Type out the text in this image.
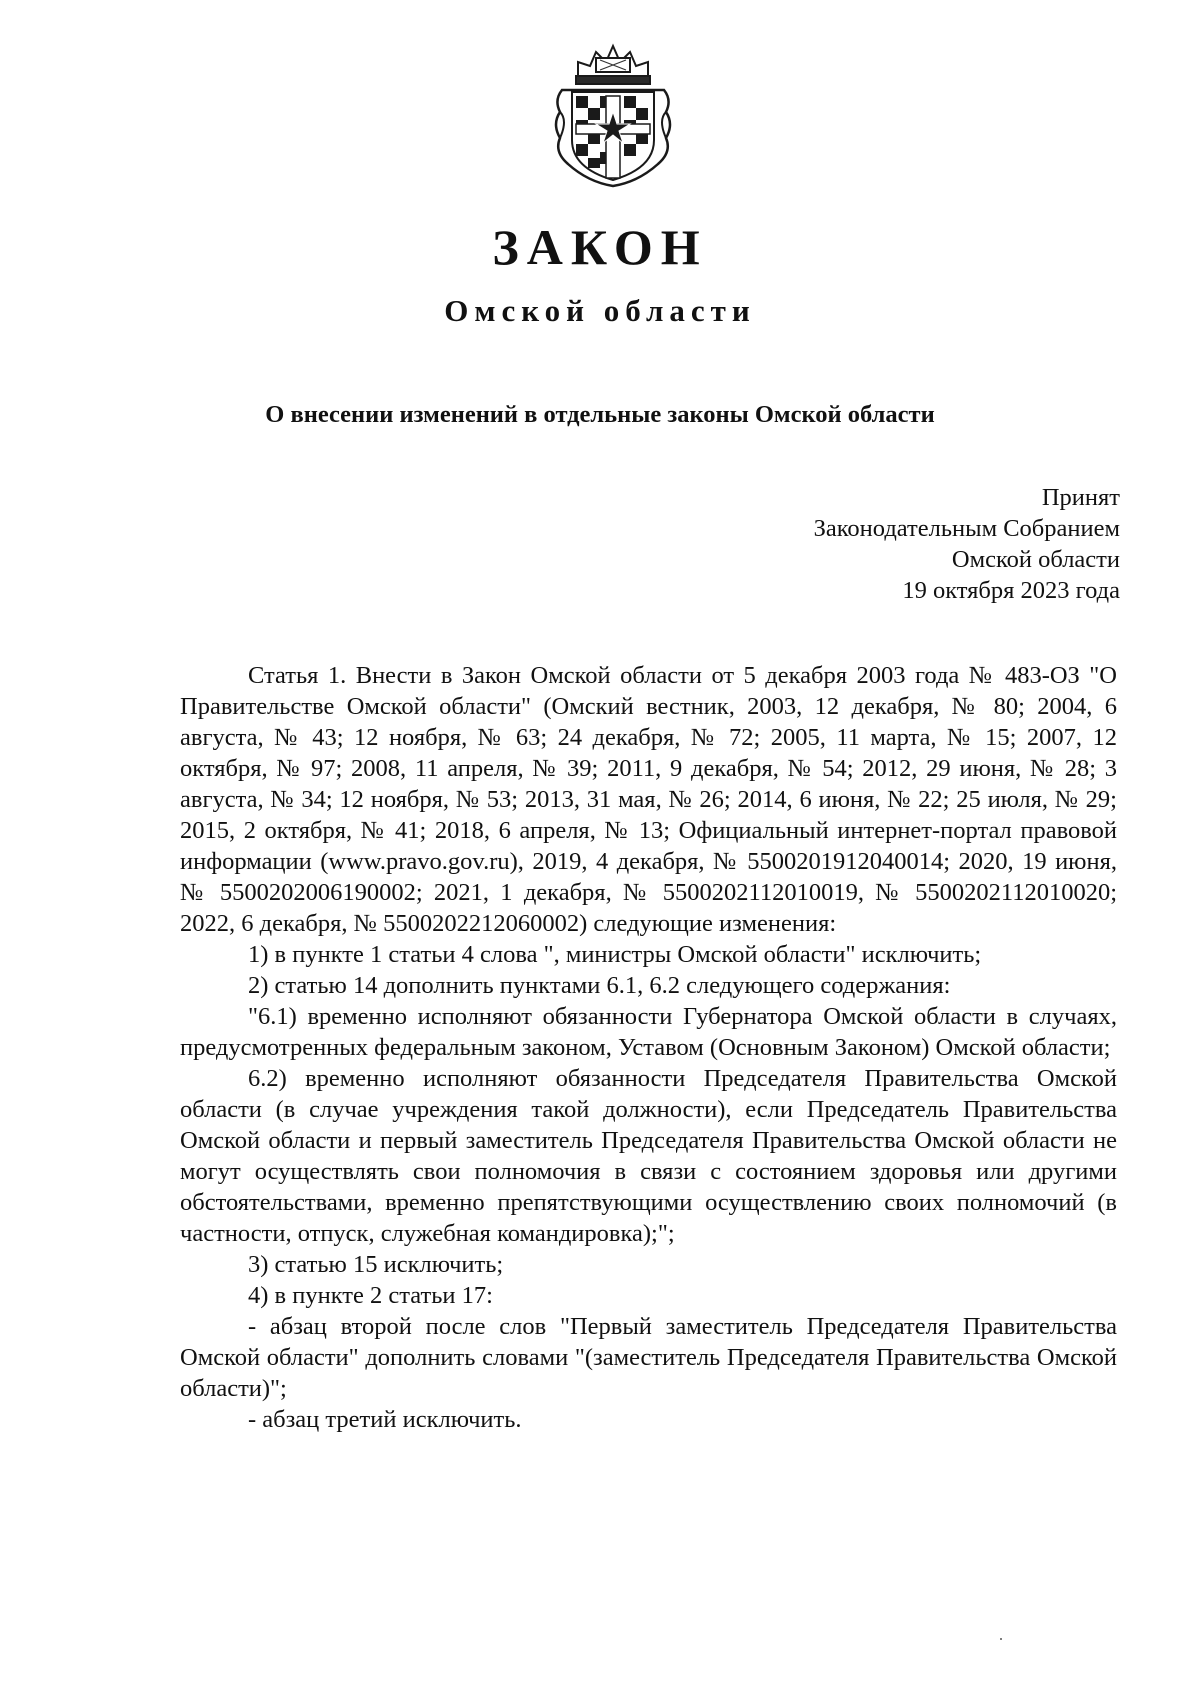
ЗАКОН
Омской области
О внесении изменений в отдельные законы Омской области
Принят
Законодательным Собранием
Омской области
19 октября 2023 года

Статья 1. Внести в Закон Омской области от 5 декабря 2003 года № 483-ОЗ "О Правительстве Омской области" (Омский вестник, 2003, 12 декабря, № 80; 2004, 6 августа, № 43; 12 ноября, № 63; 24 декабря, № 72; 2005, 11 марта, № 15; 2007, 12 октября, № 97; 2008, 11 апреля, № 39; 2011, 9 декабря, № 54; 2012, 29 июня, № 28; 3 августа, № 34; 12 ноября, № 53; 2013, 31 мая, № 26; 2014, 6 июня, № 22; 25 июля, № 29; 2015, 2 октября, № 41; 2018, 6 апреля, № 13; Официальный интернет-портал правовой информации (www.pravo.gov.ru), 2019, 4 декабря, № 5500201912040014; 2020, 19 июня, № 5500202006190002; 2021, 1 декабря, № 5500202112010019, № 5500202112010020; 2022, 6 декабря, № 5500202212060002) следующие изменения:

1) в пункте 1 статьи 4 слова ", министры Омской области" исключить;

2) статью 14 дополнить пунктами 6.1, 6.2 следующего содержания:

"6.1) временно исполняют обязанности Губернатора Омской области в случаях, предусмотренных федеральным законом, Уставом (Основным Законом) Омской области;

6.2) временно исполняют обязанности Председателя Правительства Омской области (в случае учреждения такой должности), если Председатель Правительства Омской области и первый заместитель Председателя Правительства Омской области не могут осуществлять свои полномочия в связи с состоянием здоровья или другими обстоятельствами, временно препятствующими осуществлению своих полномочий (в частности, отпуск, служебная командировка);";

3) статью 15 исключить;

4) в пункте 2 статьи 17:

- абзац второй после слов "Первый заместитель Председателя Правительства Омской области" дополнить словами "(заместитель Председателя Правительства Омской области)";

- абзац третий исключить.
